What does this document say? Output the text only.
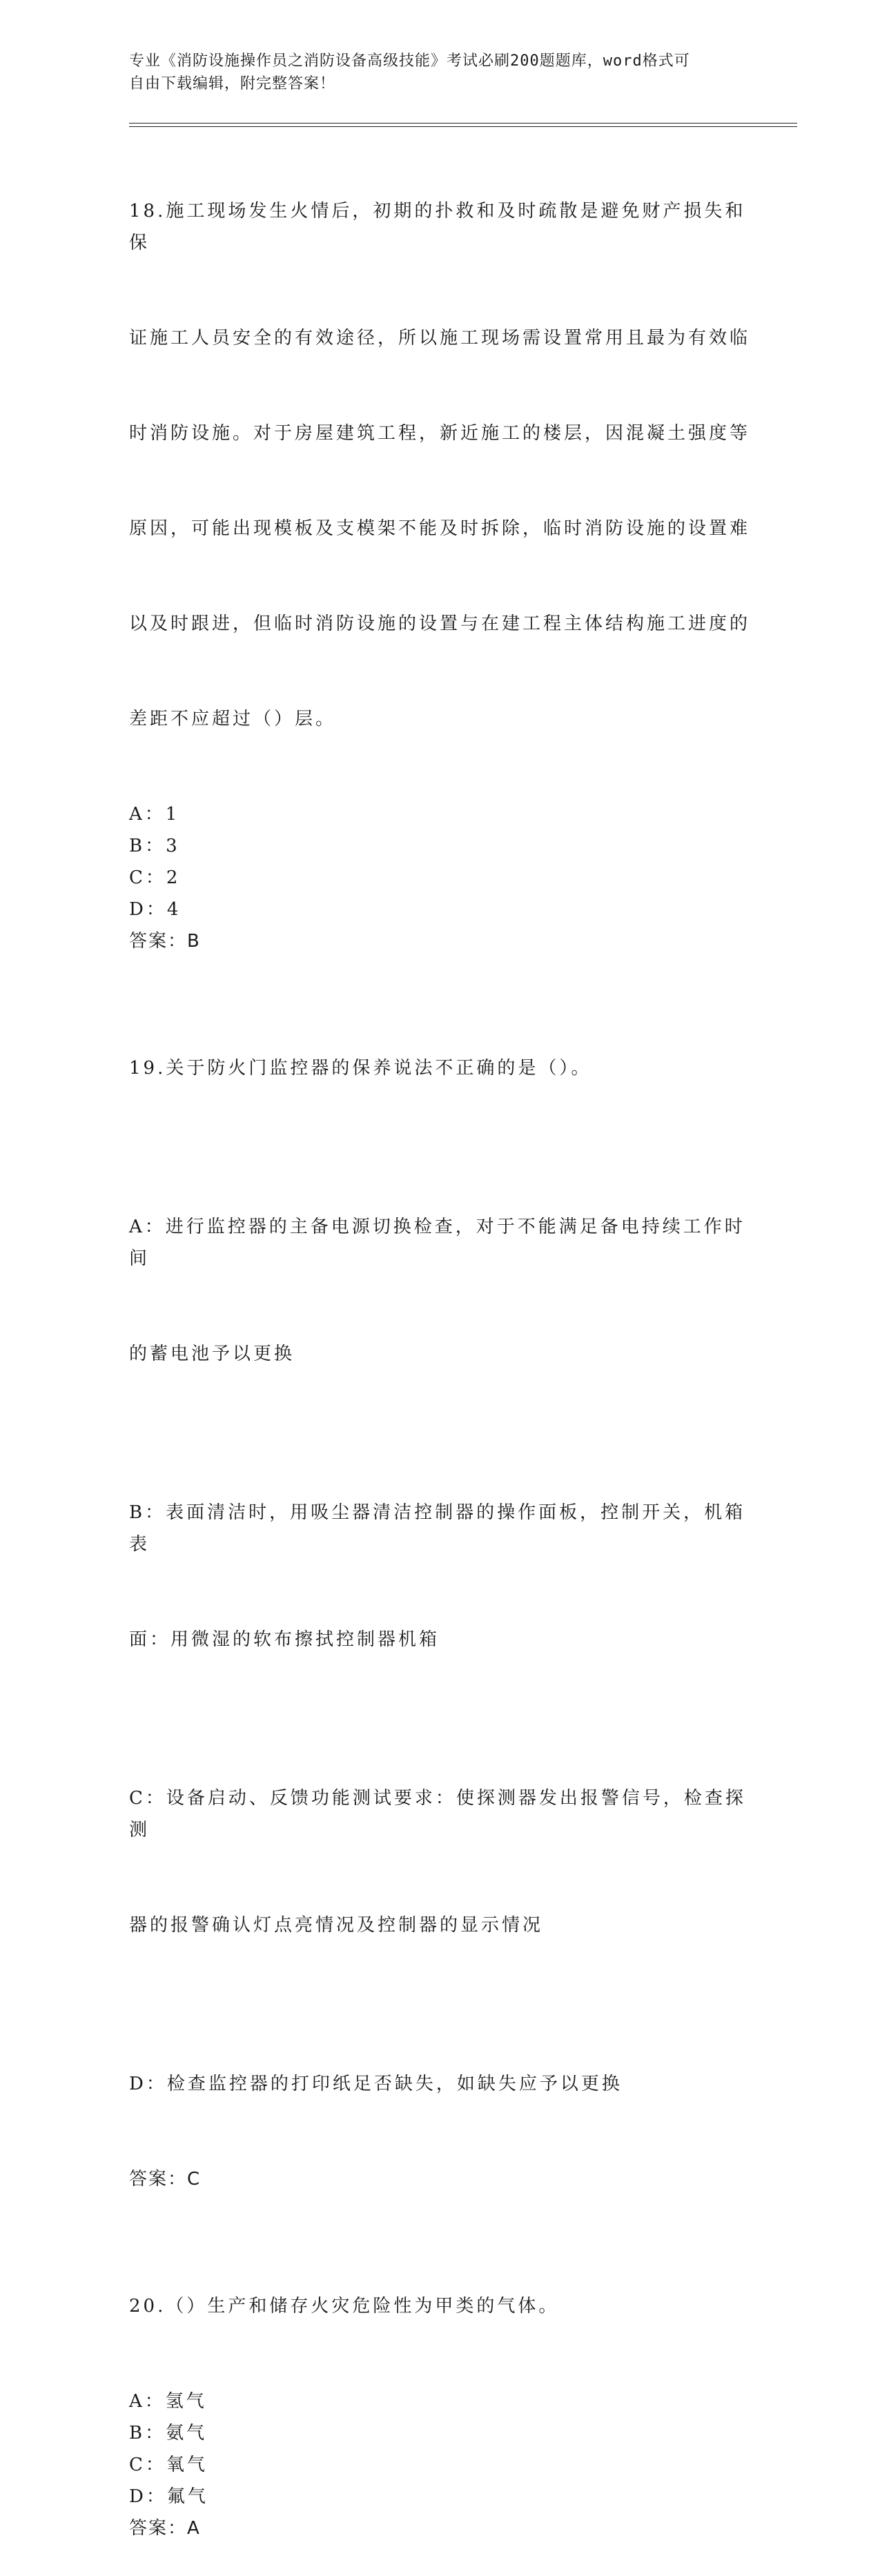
专业《消防设施操作员之消防设备高级技能》考试必刷200题题库，word格式可
自由下载编辑，附完整答案！

18.施工现场发生火情后，初期的扑救和及时疏散是避免财产损失和保

证施工人员安全的有效途径，所以施工现场需设置常用且最为有效临

时消防设施。对于房屋建筑工程，新近施工的楼层，因混凝土强度等

原因，可能出现模板及支模架不能及时拆除，临时消防设施的设置难

以及时跟进，但临时消防设施的设置与在建工程主体结构施工进度的

差距不应超过（）层。

A：1
B：3
C：2
D：4
答案：B

19.关于防火门监控器的保养说法不正确的是（）。

A：进行监控器的主备电源切换检查，对于不能满足备电持续工作时间

的蓄电池予以更换

B：表面清洁时，用吸尘器清洁控制器的操作面板，控制开关，机箱表

面：用微湿的软布擦拭控制器机箱

C：设备启动、反馈功能测试要求：使探测器发出报警信号，检查探测

器的报警确认灯点亮情况及控制器的显示情况

D：检查监控器的打印纸足否缺失，如缺失应予以更换

答案：C

20.（）生产和储存火灾危险性为甲类的气体。

A：氢气
B：氨气
C：氧气
D：氟气
答案：A
